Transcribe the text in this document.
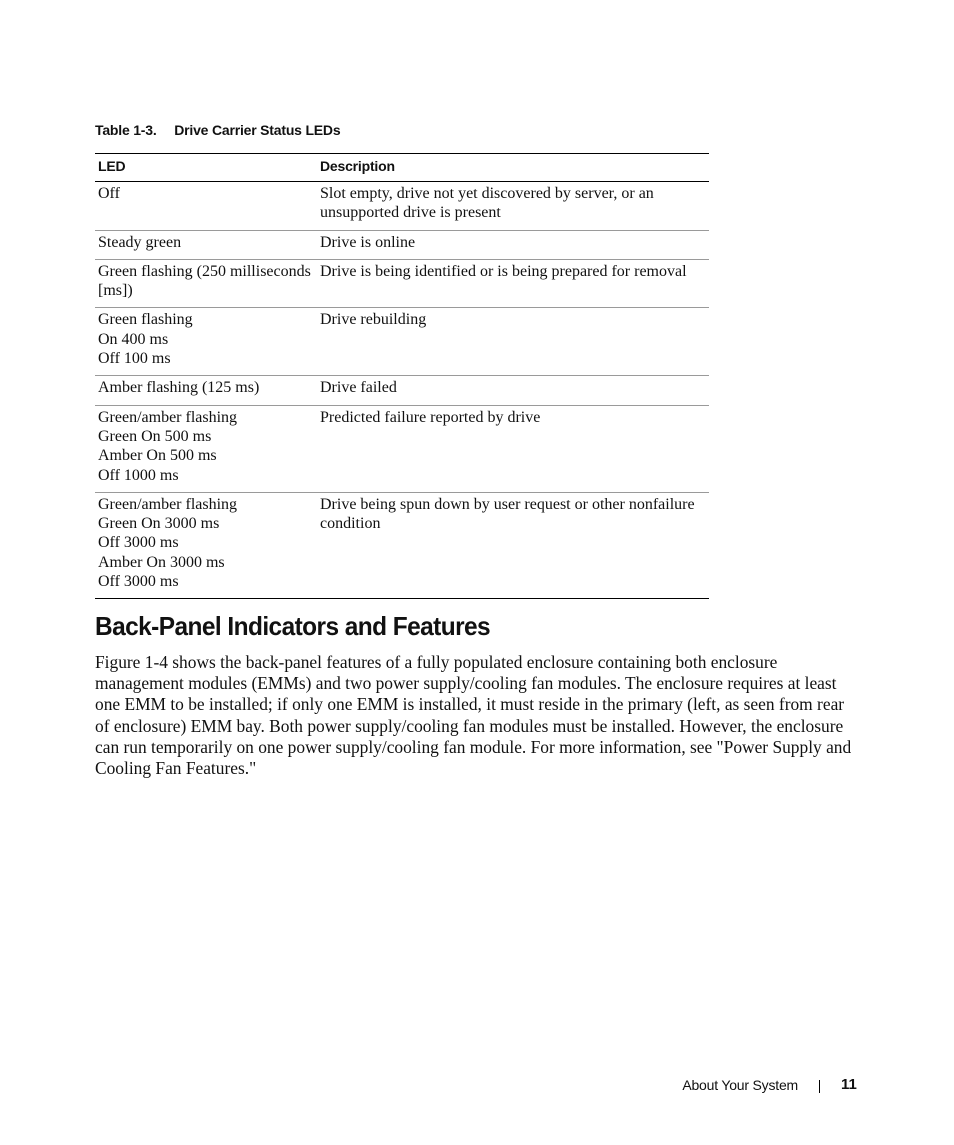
Table 1-3. Drive Carrier Status LEDs
LED	Description

Off	Slot empty, drive not yet discovered by server, or an unsupported drive is present

Steady green	Drive is online

Green flashing (250 milliseconds
[ms])	Drive is being identified or is being prepared for removal

Green flashing
On 400 ms
Off 100 ms	Drive rebuilding

Amber flashing (125 ms)	Drive failed

Green/amber flashing
Green On 500 ms
Amber On 500 ms
Off 1000 ms	Predicted failure reported by drive

Green/amber flashing
Green On 3000 ms
Off 3000 ms
Amber On 3000 ms
Off 3000 ms	Drive being spun down by user request or other nonfailure condition
Back-Panel Indicators and Features

Figure 1-4 shows the back-panel features of a fully populated enclosure containing both enclosure management modules (EMMs) and two power supply/cooling fan modules. The enclosure requires at least one EMM to be installed; if only one EMM is installed, it must reside in the primary (left, as seen from rear of enclosure) EMM bay. Both power supply/cooling fan modules must be installed. However, the enclosure can run temporarily on one power supply/cooling fan module. For more information, see "Power Supply and Cooling Fan Features."

About Your System	11
